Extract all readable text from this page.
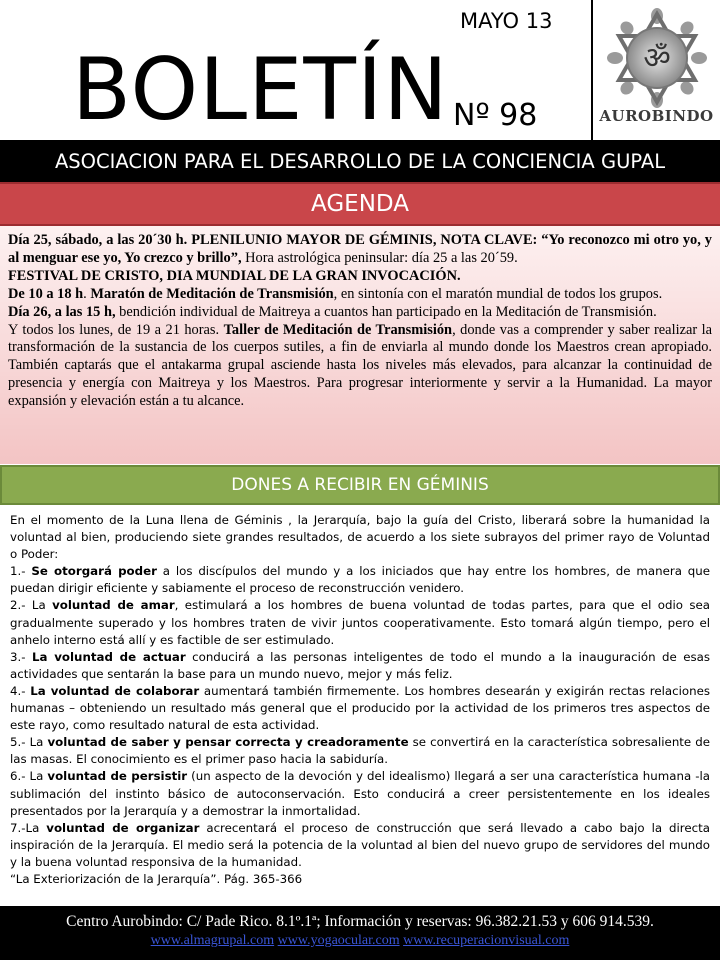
BOLETÍN Nº 98
MAYO 13
ॐ
AUROBINDO
ASOCIACION PARA EL DESARROLLO DE LA CONCIENCIA GUPAL
AGENDA

Día 25, sábado, a las 20´30 h. PLENILUNIO MAYOR DE GÉMINIS, NOTA CLAVE: “Yo reconozco mi otro yo, y al menguar ese yo, Yo crezco y brillo”, Hora astrológica peninsular: día 25 a las 20´59.

FESTIVAL DE CRISTO, DIA MUNDIAL DE LA GRAN INVOCACIÓN.

De 10 a 18 h. Maratón de Meditación de Transmisión, en sintonía con el maratón mundial de todos los grupos.

Día 26, a las 15 h, bendición individual de Maitreya a cuantos han participado en la Meditación de Transmisión.

Y todos los lunes, de 19 a 21 horas. Taller de Meditación de Transmisión, donde vas a comprender y saber realizar la transformación de la sustancia de los cuerpos sutiles, a fin de enviarla al mundo donde los Maestros crean apropiado. También captarás que el antakarma grupal asciende hasta los niveles más elevados, para alcanzar la continuidad de presencia y energía con Maitreya y los Maestros. Para progresar interiormente y servir a la Humanidad. La mayor expansión y elevación están a tu alcance.

DONES A RECIBIR EN GÉMINIS

En el momento de la Luna llena de Géminis , la Jerarquía, bajo la guía del Cristo, liberará sobre la humanidad la voluntad al bien, produciendo siete grandes resultados, de acuerdo a los siete subrayos del primer rayo de Voluntad o Poder:

1.- Se otorgará poder a los discípulos del mundo y a los iniciados que hay entre los hombres, de manera que puedan dirigir eficiente y sabiamente el proceso de reconstrucción venidero.

2.- La voluntad de amar, estimulará a los hombres de buena voluntad de todas partes, para que el odio sea gradualmente superado y los hombres traten de vivir juntos cooperativamente. Esto tomará algún tiempo, pero el anhelo interno está allí y es factible de ser estimulado.

3.- La voluntad de actuar conducirá a las personas inteligentes de todo el mundo a la inauguración de esas actividades que sentarán la base para un mundo nuevo, mejor y más feliz.

4.- La voluntad de colaborar aumentará también firmemente. Los hombres desearán y exigirán rectas relaciones humanas – obteniendo un resultado más general que el producido por la actividad de los primeros tres aspectos de este rayo, como resultado natural de esta actividad.

5.- La voluntad de saber y pensar correcta y creadoramente se convertirá en la característica sobresaliente de las masas. El conocimiento es el primer paso hacia la sabiduría.

6.- La voluntad de persistir (un aspecto de la devoción y del idealismo) llegará a ser una característica humana -la sublimación del instinto básico de autoconservación. Esto conducirá a creer persistentemente en los ideales presentados por la Jerarquía y a demostrar la inmortalidad.

7.-La voluntad de organizar acrecentará el proceso de construcción que será llevado a cabo bajo la directa inspiración de la Jerarquía. El medio será la potencia de la voluntad al bien del nuevo grupo de servidores del mundo y la buena voluntad responsiva de la humanidad.

“La Exteriorización de la Jerarquía”. Pág. 365-366

Centro Aurobindo: C/ Pade Rico. 8.1º.1ª; Información y reservas: 96.382.21.53 y 606 914.539.
www.almagrupal.com www.yogaocular.com www.recuperacionvisual.com
